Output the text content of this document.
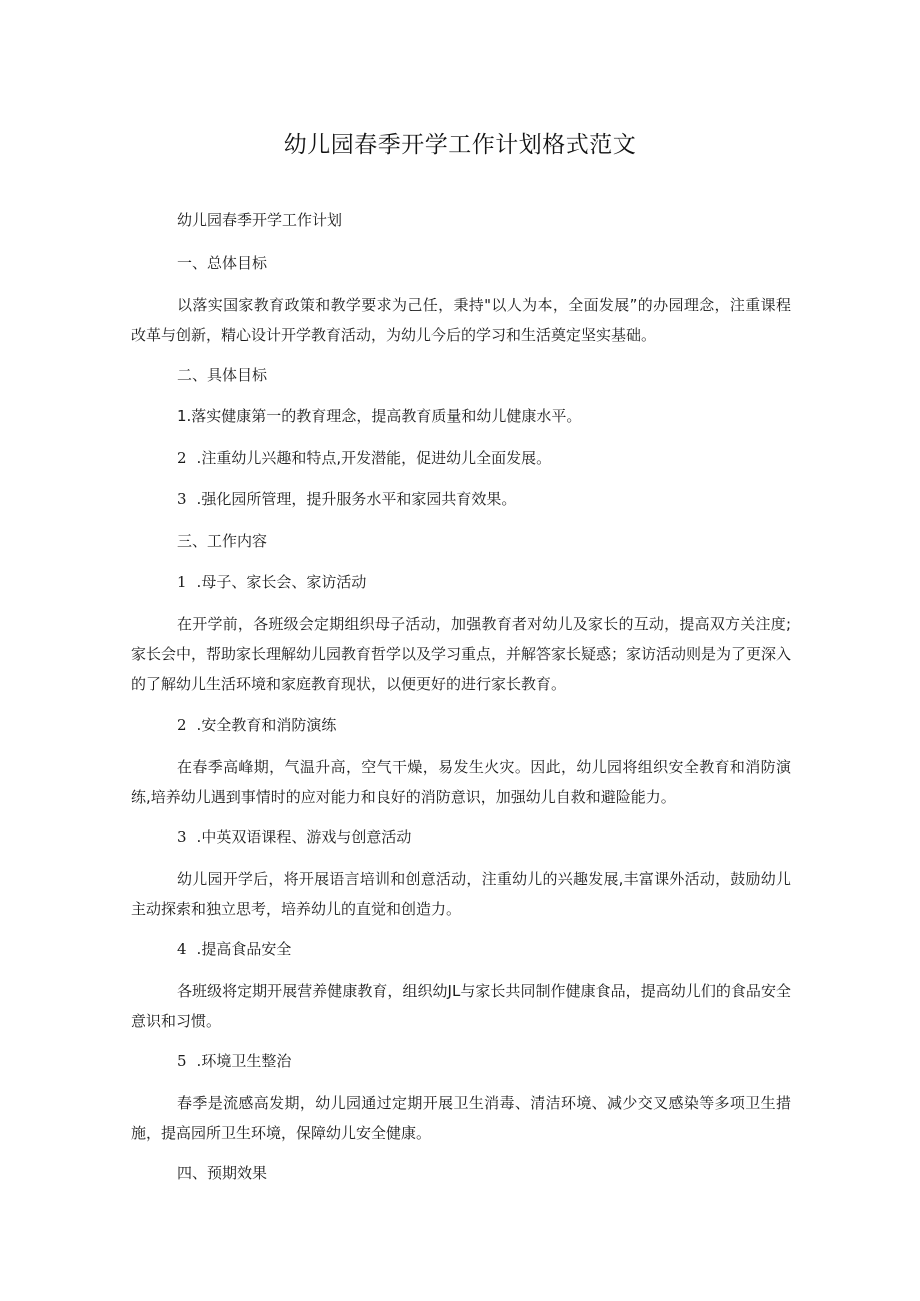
幼儿园春季开学工作计划格式范文
幼儿园春季开学工作计划
一、总体目标
以落实国家教育政策和教学要求为己任，秉持"以人为本，全面发展”的办园理念，注重课程改革与创新，精心设计开学教育活动，为幼儿今后的学习和生活奠定坚实基础。
二、具体目标
1.落实健康第一的教育理念，提高教育质量和幼儿健康水平。
2 .注重幼儿兴趣和特点,开发潜能，促进幼儿全面发展。
3 .强化园所管理，提升服务水平和家园共育效果。
三、工作内容
1 .母子、家长会、家访活动
在开学前，各班级会定期组织母子活动，加强教育者对幼儿及家长的互动，提高双方关注度;家长会中，帮助家长理解幼儿园教育哲学以及学习重点，并解答家长疑惑；家访活动则是为了更深入的了解幼儿生活环境和家庭教育现状，以便更好的进行家长教育。
2 .安全教育和消防演练
在春季高峰期，气温升高，空气干燥，易发生火灾。因此，幼儿园将组织安全教育和消防演练,培养幼儿遇到事情时的应对能力和良好的消防意识，加强幼儿自救和避险能力。
3 .中英双语课程、游戏与创意活动
幼儿园开学后，将开展语言培训和创意活动，注重幼儿的兴趣发展,丰富课外活动，鼓励幼儿主动探索和独立思考，培养幼儿的直觉和创造力。
4 .提高食品安全
各班级将定期开展营养健康教育，组织幼JL与家长共同制作健康食品，提高幼儿们的食品安全意识和习惯。
5 .环境卫生整治
春季是流感高发期，幼儿园通过定期开展卫生消毒、清洁环境、减少交叉感染等多项卫生措施，提高园所卫生环境，保障幼儿安全健康。
四、预期效果
